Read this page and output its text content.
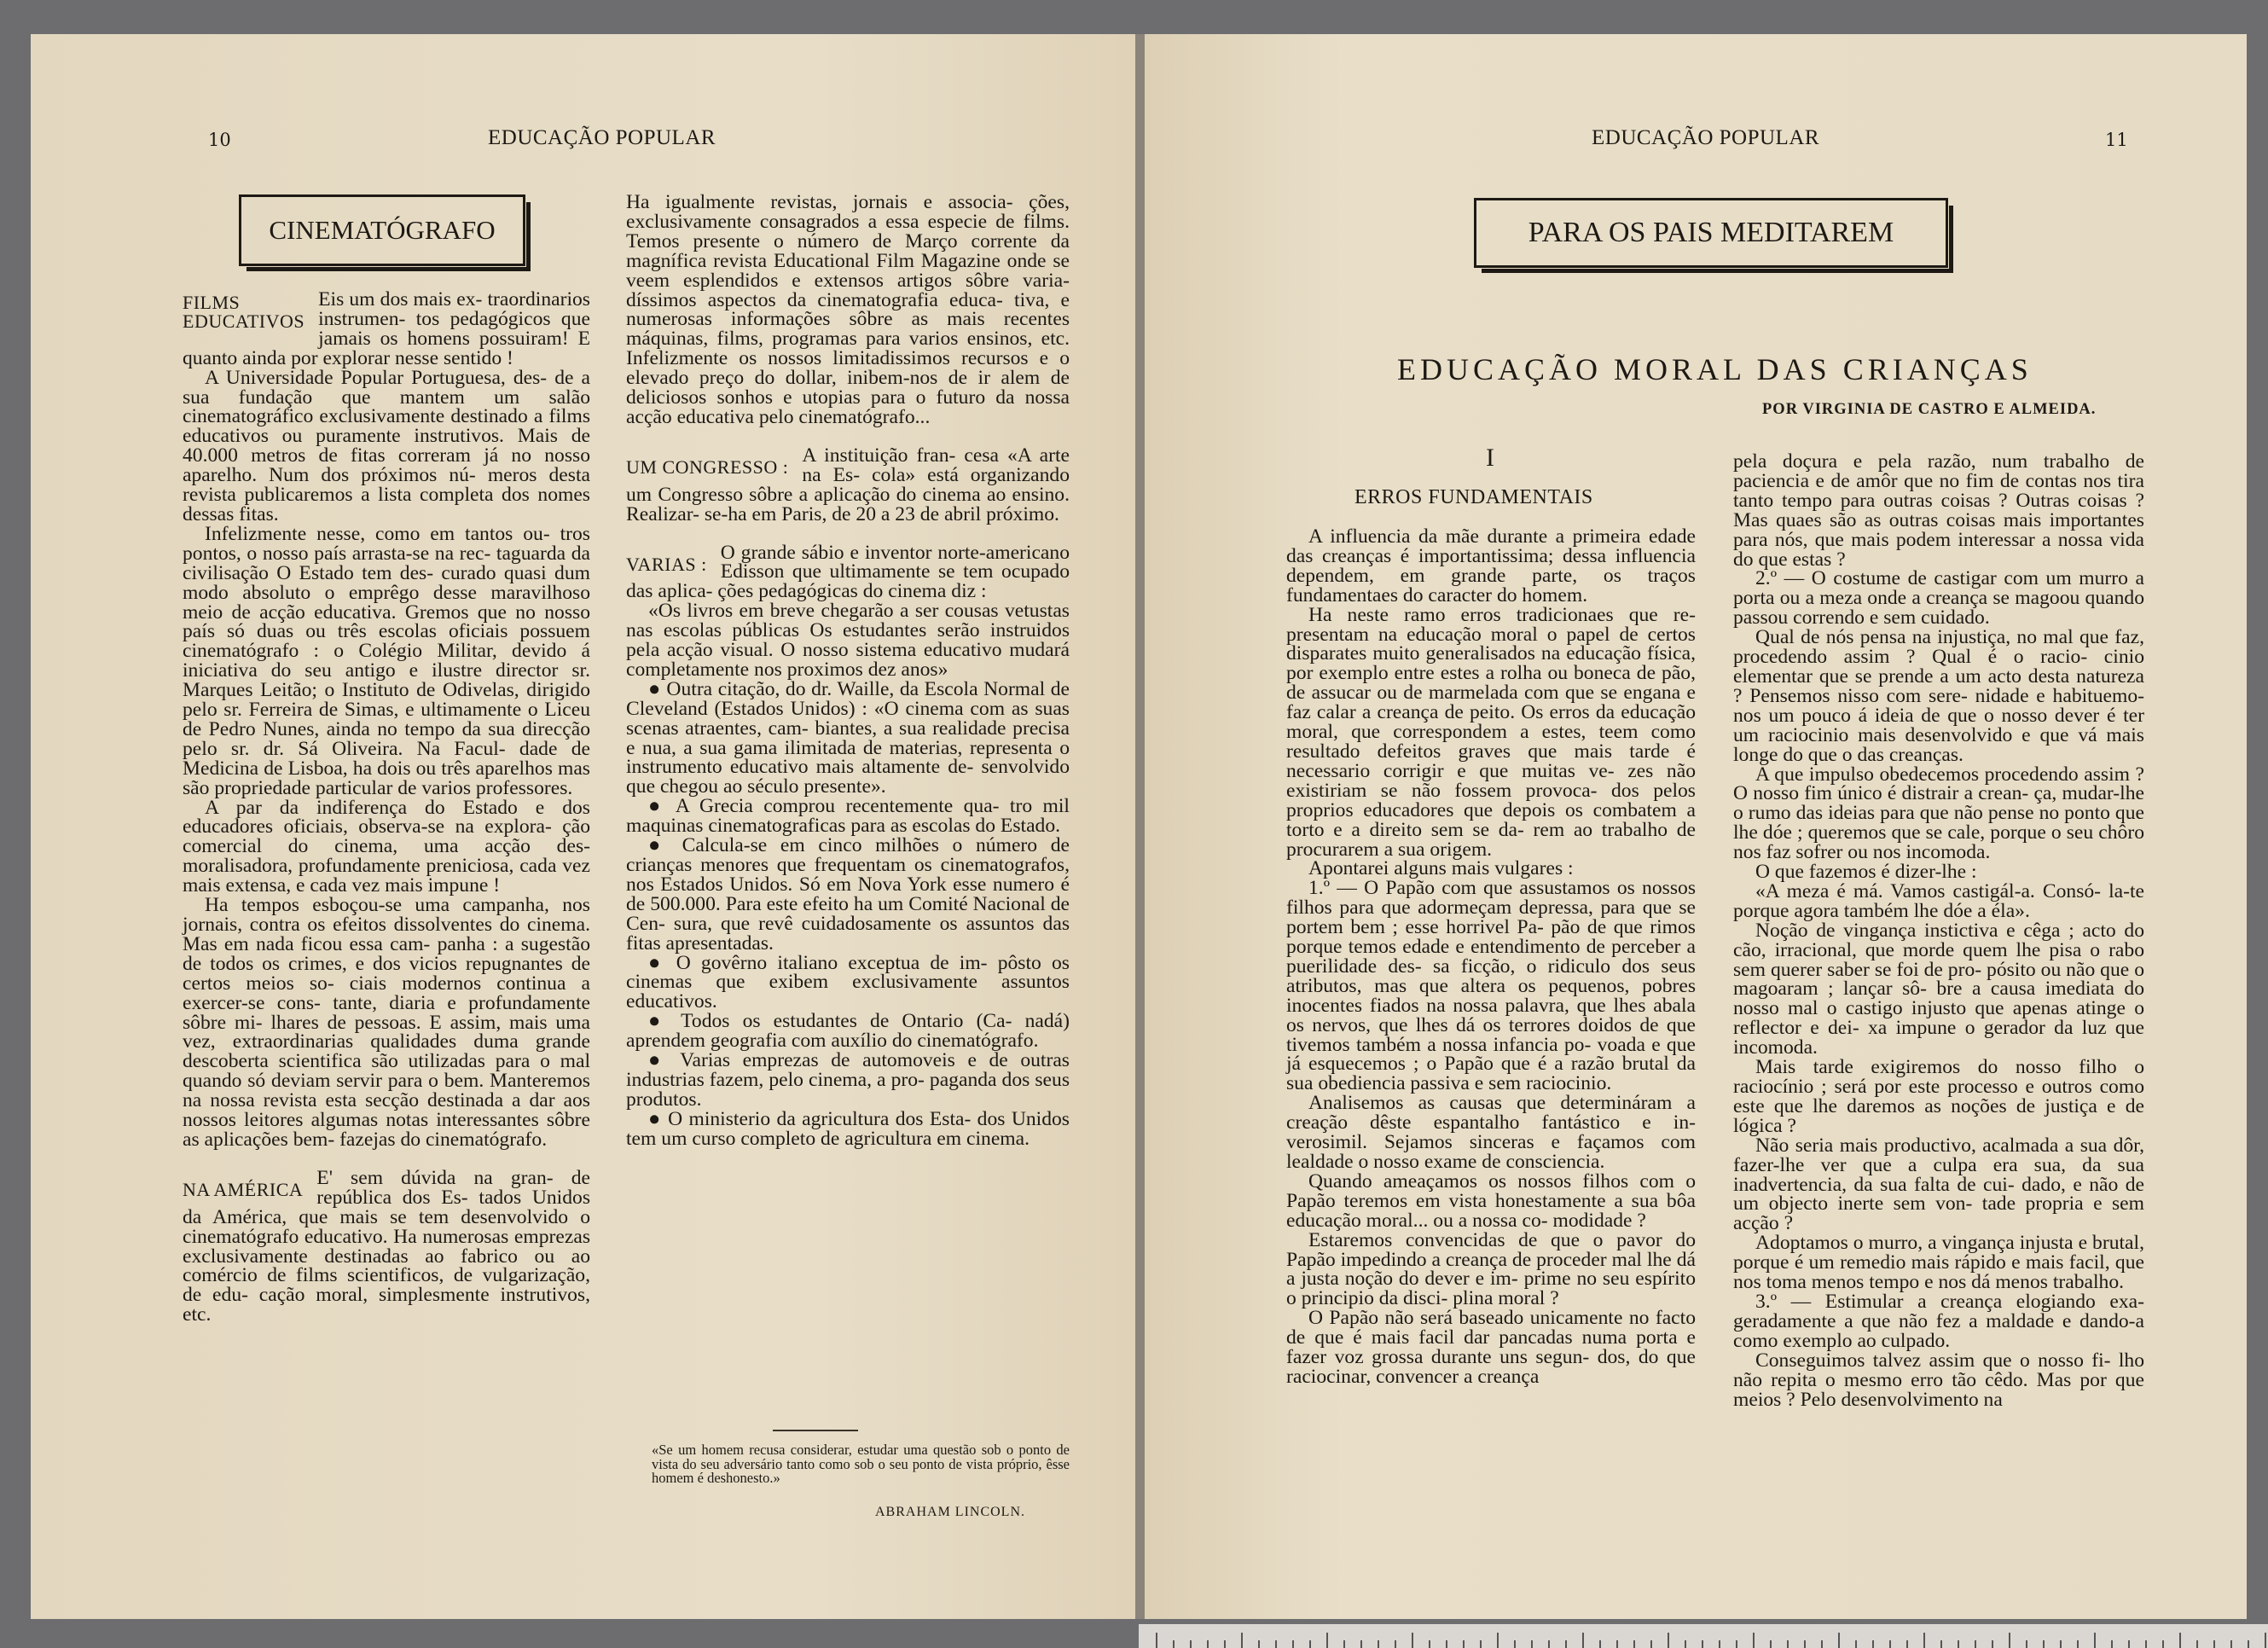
10	EDUCAÇÃO POPULAR
CINEMATÓGRAFO
FILMS
EDUCATIVOS

Eis um dos mais ex- traordinarios instrumen- tos pedagógicos que jamais os homens possuiram! E quanto ainda por explorar nesse sentido !

A Universidade Popular Portuguesa, des- de a sua fundação que mantem um salão cinematográfico exclusivamente destinado a films educativos ou puramente instrutivos. Mais de 40.000 metros de fitas correram já no nosso aparelho. Num dos próximos nú- meros desta revista publicaremos a lista completa dos nomes dessas fitas.

Infelizmente nesse, como em tantos ou- tros pontos, o nosso país arrasta-se na rec- taguarda da civilisação O Estado tem des- curado quasi dum modo absoluto o emprêgo desse maravilhoso meio de acção educativa. Gremos que no nosso país só duas ou três escolas oficiais possuem cinematógrafo : o Colégio Militar, devido á iniciativa do seu antigo e ilustre director sr. Marques Leitão; o Instituto de Odivelas, dirigido pelo sr. Ferreira de Simas, e ultimamente o Liceu de Pedro Nunes, ainda no tempo da sua direcção pelo sr. dr. Sá Oliveira. Na Facul- dade de Medicina de Lisboa, ha dois ou três aparelhos mas são propriedade particular de varios professores.

A par da indiferença do Estado e dos educadores oficiais, observa-se na explora- ção comercial do cinema, uma acção des- moralisadora, profundamente preniciosa, cada vez mais extensa, e cada vez mais impune !

Ha tempos esboçou-se uma campanha, nos jornais, contra os efeitos dissolventes do cinema. Mas em nada ficou essa cam- panha : a sugestão de todos os crimes, e dos vicios repugnantes de certos meios so- ciais modernos continua a exercer-se cons- tante, diaria e profundamente sôbre mi- lhares de pessoas. E assim, mais uma vez, extraordinarias qualidades duma grande descoberta scientifica são utilizadas para o mal quando só deviam servir para o bem. Manteremos na nossa revista esta secção destinada a dar aos nossos leitores algumas notas interessantes sôbre as aplicações bem- fazejas do cinematógrafo.

NA AMÉRICA

E' sem dúvida na gran- de república dos Es- tados Unidos da América, que mais se tem desenvolvido o cinematógrafo educativo. Ha numerosas emprezas exclusivamente destinadas ao fabrico ou ao comércio de films scientificos, de vulgarização, de edu- cação moral, simplesmente instrutivos, etc.

Ha igualmente revistas, jornais e associa- ções, exclusivamente consagrados a essa especie de films. Temos presente o número de Março corrente da magnífica revista Educational Film Magazine onde se veem esplendidos e extensos artigos sôbre varia- díssimos aspectos da cinematografia educa- tiva, e numerosas informações sôbre as mais recentes máquinas, films, programas para varios ensinos, etc. Infelizmente os nossos limitadissimos recursos e o elevado preço do dollar, inibem-nos de ir alem de deliciosos sonhos e utopias para o futuro da nossa acção educativa pelo cinematógrafo...

UM CONGRESSO :

A instituição fran- cesa «A arte na Es- cola» está organizando um Congresso sôbre a aplicação do cinema ao ensino. Realizar- se-ha em Paris, de 20 a 23 de abril próximo.

VARIAS :

O grande sábio e inventor norte-americano Edisson que ultimamente se tem ocupado das aplica- ções pedagógicas do cinema diz :

«Os livros em breve chegarão a ser cousas vetustas nas escolas públicas Os estudantes serão instruidos pela acção visual. O nosso sistema educativo mudará completamente nos proximos dez anos»

● Outra citação, do dr. Waille, da Escola Normal de Cleveland (Estados Unidos) : «O cinema com as suas scenas atraentes, cam- biantes, a sua realidade precisa e nua, a sua gama ilimitada de materias, representa o instrumento educativo mais altamente de- senvolvido que chegou ao século presente».

● A Grecia comprou recentemente qua- tro mil maquinas cinematograficas para as escolas do Estado.

● Calcula-se em cinco milhões o número de crianças menores que frequentam os cinematografos, nos Estados Unidos. Só em Nova York esse numero é de 500.000. Para este efeito ha um Comité Nacional de Cen- sura, que revê cuidadosamente os assuntos das fitas apresentadas.

● O govêrno italiano exceptua de im- pôsto os cinemas que exibem exclusivamente assuntos educativos.

● Todos os estudantes de Ontario (Ca- nadá) aprendem geografia com auxílio do cinematógrafo.

● Varias emprezas de automoveis e de outras industrias fazem, pelo cinema, a pro- paganda dos seus produtos.

● O ministerio da agricultura dos Esta- dos Unidos tem um curso completo de agricultura em cinema.

«Se um homem recusa considerar, estudar uma questão sob o ponto de vista do seu adversário tanto como sob o seu ponto de vista próprio, êsse homem é deshonesto.»

ABRAHAM LINCOLN.
EDUCAÇÃO POPULAR	11
PARA OS PAIS MEDITAREM
EDUCAÇÃO MORAL DAS CRIANÇAS
POR VIRGINIA DE CASTRO E ALMEIDA.
I
ERROS FUNDAMENTAIS

A influencia da mãe durante a primeira edade das creanças é importantissima; dessa influencia dependem, em grande parte, os traços fundamentaes do caracter do homem.

Ha neste ramo erros tradicionaes que re- presentam na educação moral o papel de certos disparates muito generalisados na educação física, por exemplo entre estes a rolha ou boneca de pão, de assucar ou de marmelada com que se engana e faz calar a creança de peito. Os erros da educação moral, que correspondem a estes, teem como resultado defeitos graves que mais tarde é necessario corrigir e que muitas ve- zes não existiriam se não fossem provoca- dos pelos proprios educadores que depois os combatem a torto e a direito sem se da- rem ao trabalho de procurarem a sua origem.

Apontarei alguns mais vulgares :

1.º — O Papão com que assustamos os nossos filhos para que adormeçam depressa, para que se portem bem ; esse horrivel Pa- pão de que rimos porque temos edade e entendimento de perceber a puerilidade des- sa ficção, o ridiculo dos seus atributos, mas que altera os pequenos, pobres inocentes fiados na nossa palavra, que lhes abala os nervos, que lhes dá os terrores doidos de que tivemos também a nossa infancia po- voada e que já esquecemos ; o Papão que é a razão brutal da sua obediencia passiva e sem raciocinio.

Analisemos as causas que determináram a creação dêste espantalho fantástico e in- verosimil. Sejamos sinceras e façamos com lealdade o nosso exame de consciencia.

Quando ameaçamos os nossos filhos com o Papão teremos em vista honestamente a sua bôa educação moral... ou a nossa co- modidade ?

Estaremos convencidas de que o pavor do Papão impedindo a creança de proceder mal lhe dá a justa noção do dever e im- prime no seu espírito o principio da disci- plina moral ?

O Papão não será baseado unicamente no facto de que é mais facil dar pancadas numa porta e fazer voz grossa durante uns segun- dos, do que raciocinar, convencer a creança

pela doçura e pela razão, num trabalho de paciencia e de amôr que no fim de contas nos tira tanto tempo para outras coisas ? Outras coisas ? Mas quaes são as outras coisas mais importantes para nós, que mais podem interessar a nossa vida do que estas ?

2.º — O costume de castigar com um murro a porta ou a meza onde a creança se magoou quando passou correndo e sem cuidado.

Qual de nós pensa na injustiça, no mal que faz, procedendo assim ? Qual é o racio- cinio elementar que se prende a um acto desta natureza ? Pensemos nisso com sere- nidade e habituemo-nos um pouco á ideia de que o nosso dever é ter um raciocinio mais desenvolvido e que vá mais longe do que o das creanças.

A que impulso obedecemos procedendo assim ? O nosso fim único é distrair a crean- ça, mudar-lhe o rumo das ideias para que não pense no ponto que lhe dóe ; queremos que se cale, porque o seu chôro nos faz sofrer ou nos incomoda.

O que fazemos é dizer-lhe :

«A meza é má. Vamos castigál-a. Consó- la-te porque agora também lhe dóe a éla».

Noção de vingança instictiva e cêga ; acto do cão, irracional, que morde quem lhe pisa o rabo sem querer saber se foi de pro- pósito ou não que o magoaram ; lançar sô- bre a causa imediata do nosso mal o castigo injusto que apenas atinge o reflector e dei- xa impune o gerador da luz que incomoda.

Mais tarde exigiremos do nosso filho o raciocínio ; será por este processo e outros como este que lhe daremos as noções de justiça e de lógica ?

Não seria mais productivo, acalmada a sua dôr, fazer-lhe ver que a culpa era sua, da sua inadvertencia, da sua falta de cui- dado, e não de um objecto inerte sem von- tade propria e sem acção ?

Adoptamos o murro, a vingança injusta e brutal, porque é um remedio mais rápido e mais facil, que nos toma menos tempo e nos dá menos trabalho.

3.º — Estimular a creança elogiando exa- geradamente a que não fez a maldade e dando-a como exemplo ao culpado.

Conseguimos talvez assim que o nosso fi- lho não repita o mesmo erro tão cêdo. Mas por que meios ? Pelo desenvolvimento na
